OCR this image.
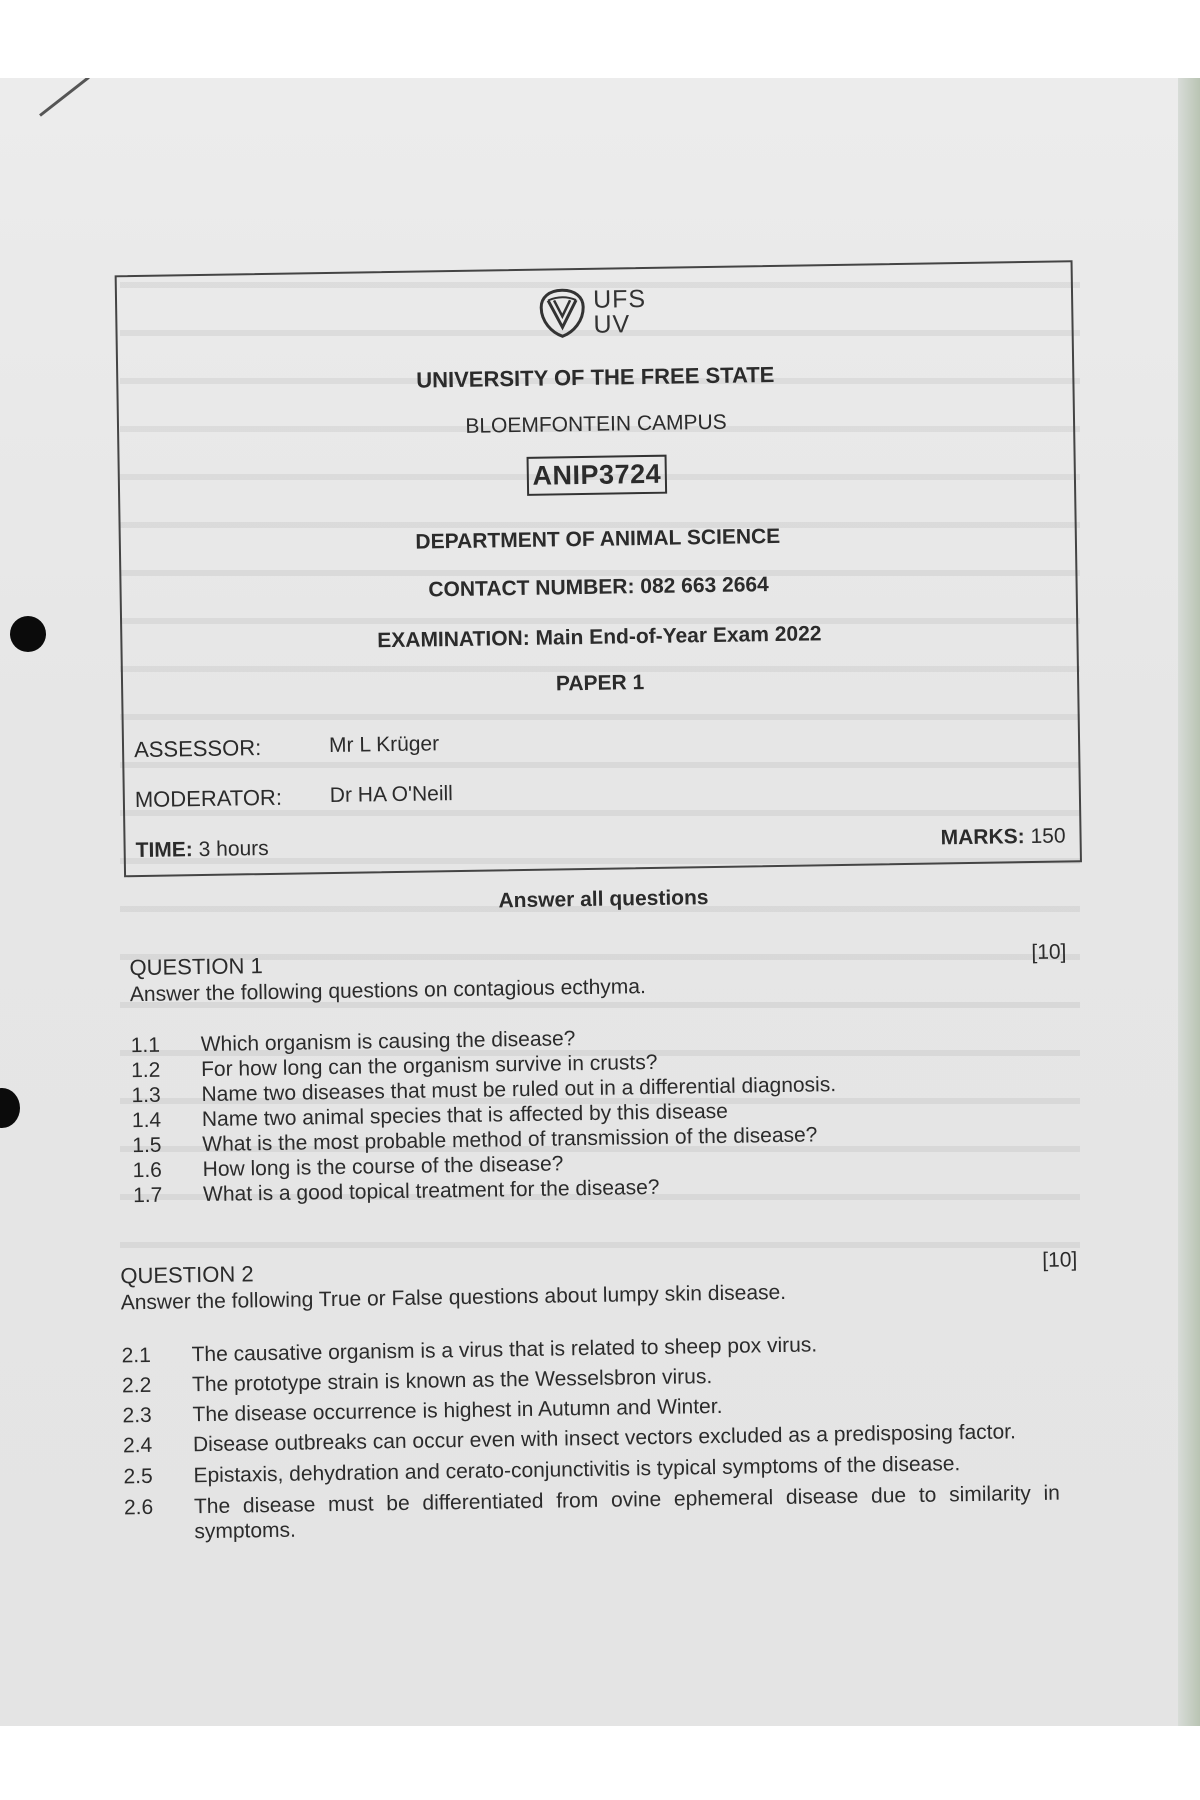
UFS
UV
UNIVERSITY OF THE FREE STATE
BLOEMFONTEIN CAMPUS
ANIP3724
DEPARTMENT OF ANIMAL SCIENCE
CONTACT NUMBER: 082 663 2664
EXAMINATION: Main End-of-Year Exam 2022
PAPER 1
ASSESSOR:	Mr L Krüger
MODERATOR: Dr HA O'Neill
TIME: 3 hours	MARKS: 150
Answer all questions
QUESTION 1
[10]
Answer the following questions on contagious ecthyma.
1.1	Which organism is causing the disease?
1.2	For how long can the organism survive in crusts?
1.3	Name two diseases that must be ruled out in a differential diagnosis.
1.4	Name two animal species that is affected by this disease
1.5	What is the most probable method of transmission of the disease?
1.6	How long is the course of the disease?
1.7	What is a good topical treatment for the disease?
QUESTION 2
[10]
Answer the following True or False questions about lumpy skin disease.
2.1	The causative organism is a virus that is related to sheep pox virus.
2.2	The prototype strain is known as the Wesselsbron virus.
2.3	The disease occurrence is highest in Autumn and Winter.
2.4	Disease outbreaks can occur even with insect vectors excluded as a predisposing factor.
2.5	Epistaxis, dehydration and cerato-conjunctivitis is typical symptoms of the disease.
2.6	The disease must be differentiated from ovine ephemeral disease due to similarity in symptoms.
